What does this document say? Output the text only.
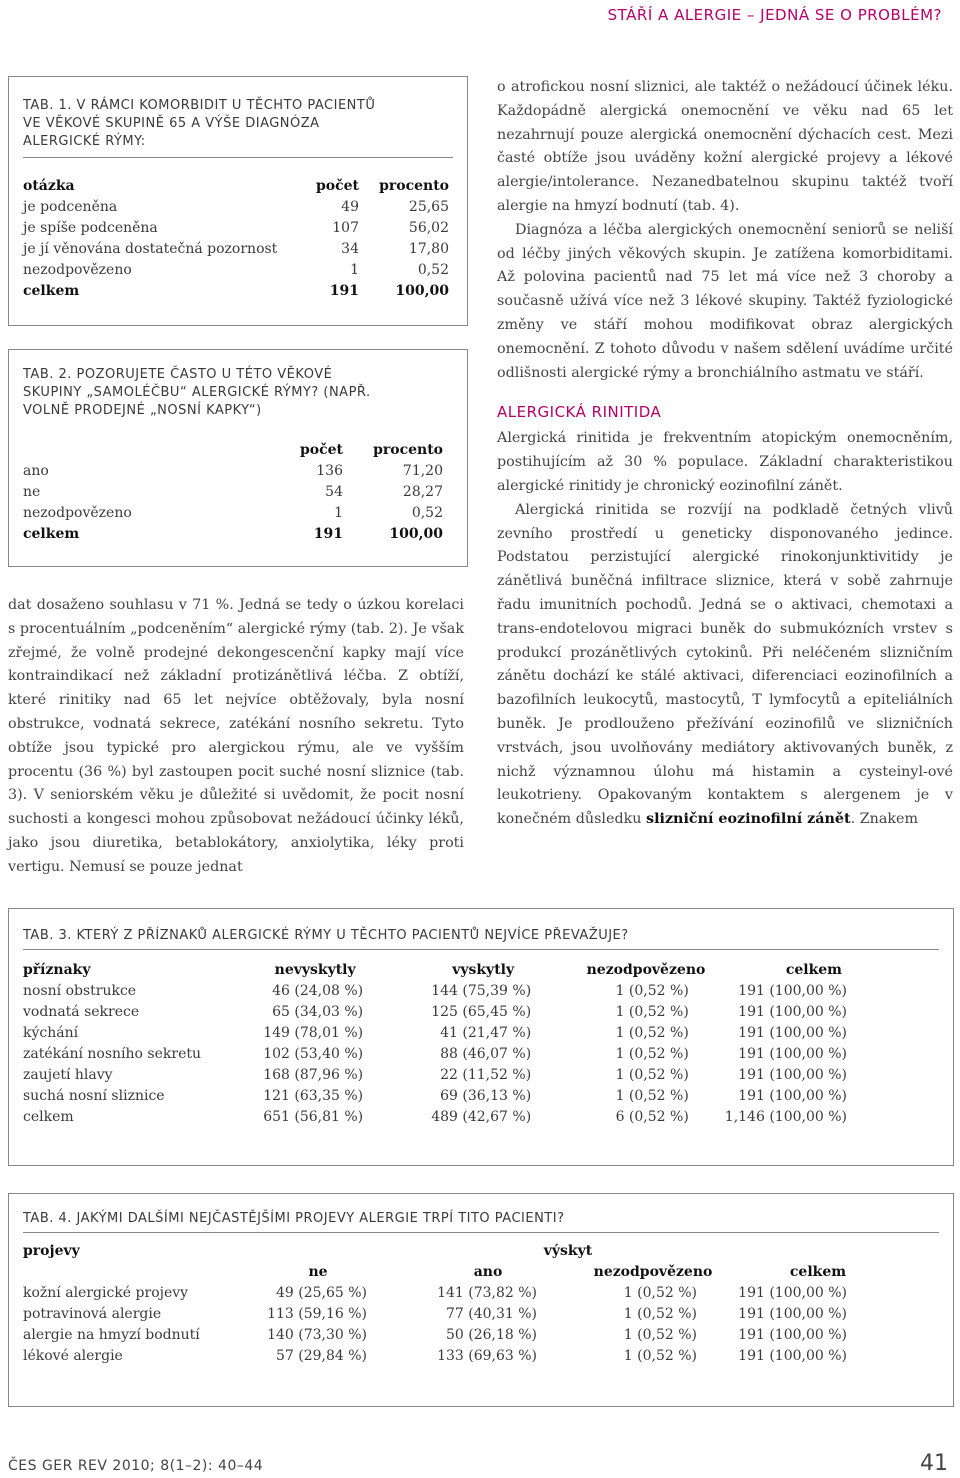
STÁŘÍ A ALERGIE – JEDNÁ SE O PROBLÉM?
TAB. 1. V RÁMCI KOMORBIDIT U TĚCHTO PACIENTŮ VE VĚKOVÉ SKUPINĚ 65 A VÝŠE DIAGNÓZA ALERGICKÉ RÝMY:
otázka	počet	procento
je podceněna	49	25,65
je spíše podceněna	107	56,02
je jí věnována dostatečná pozornost	34	17,80
nezodpovězeno	1	0,52
celkem	191	100,00
TAB. 2. POZORUJETE ČASTO U TÉTO VĚKOVÉ SKUPINY „SAMOLÉČBU“ ALERGICKÉ RÝMY? (NAPŘ. VOLNĚ PRODEJNÉ „NOSNÍ KAPKY“)
	počet	procento
ano	136	71,20
ne	54	28,27
nezodpovězeno	1	0,52
celkem	191	100,00

dat dosaženo souhlasu v 71 %. Jedná se tedy o úzkou korelaci s procentuálním „podceněním“ alergické rýmy (tab. 2). Je však zřejmé, že volně prodejné dekongescenční kapky mají více kontraindikací než základní protizánětlivá léčba. Z obtíží, které rinitiky nad 65 let nejvíce obtěžovaly, byla nosní obstrukce, vodnatá sekrece, zatékání nosního sekretu. Tyto obtíže jsou typické pro alergickou rýmu, ale ve vyšším procentu (36 %) byl zastoupen pocit suché nosní sliznice (tab. 3). V seniorském věku je důležité si uvědomit, že pocit nosní suchosti a kongesci mohou způsobovat nežádoucí účinky léků, jako jsou diuretika, betablokátory, anxiolytika, léky proti vertigu. Nemusí se pouze jednat

o atrofickou nosní sliznici, ale taktéž o nežádoucí účinek léku. Každopádně alergická onemocnění ve věku nad 65 let nezahrnují pouze alergická onemocnění dýchacích cest. Mezi časté obtíže jsou uváděny kožní alergické projevy a lékové alergie/intolerance. Nezanedbatelnou skupinu taktéž tvoří alergie na hmyzí bodnutí (tab. 4).

Diagnóza a léčba alergických onemocnění seniorů se neliší od léčby jiných věkových skupin. Je zatížena komorbiditami. Až polovina pacientů nad 75 let má více než 3 choroby a současně užívá více než 3 lékové skupiny. Taktéž fyziologické změny ve stáří mohou modifikovat obraz alergických onemocnění. Z tohoto důvodu v našem sdělení uvádíme určité odlišnosti alergické rýmy a bronchiálního astmatu ve stáří.

ALERGICKÁ RINITIDA

Alergická rinitida je frekventním atopickým onemocněním, postihujícím až 30 % populace. Základní charakteristikou alergické rinitidy je chronický eozinofilní zánět.

Alergická rinitida se rozvíjí na podkladě četných vlivů zevního prostředí u geneticky disponovaného jedince. Podstatou perzistující alergické rinokonjunktivitidy je zánětlivá buněčná infiltrace sliznice, která v sobě zahrnuje řadu imunitních pochodů. Jedná se o aktivaci, chemotaxi a trans-endotelovou migraci buněk do submukózních vrstev s produkcí prozánětlivých cytokinů. Při neléčeném slizničním zánětu dochází ke stálé aktivaci, diferenciaci eozinofilních a bazofilních leukocytů, mastocytů, T lymfocytů a epiteliálních buněk. Je prodlouženo přežívání eozinofilů ve slizničních vrstvách, jsou uvolňovány mediátory aktivovaných buněk, z nichž významnou úlohu má histamin a cysteinyl-ové leukotrieny. Opakovaným kontaktem s alergenem je v konečném důsledku slizniční eozinofilní zánět. Znakem

TAB. 3. KTERÝ Z PŘÍZNAKŮ ALERGICKÉ RÝMY U TĚCHTO PACIENTŮ NEJVÍCE PŘEVAŽUJE?
příznaky	nevyskytly	vyskytly	nezodpovězeno	celkem
nosní obstrukce	46 (24,08 %)	144 (75,39 %)	1 (0,52 %)	191 (100,00 %)
vodnatá sekrece	65 (34,03 %)	125 (65,45 %)	1 (0,52 %)	191 (100,00 %)
kýchání	149 (78,01 %)	41 (21,47 %)	1 (0,52 %)	191 (100,00 %)
zatékání nosního sekretu	102 (53,40 %)	88 (46,07 %)	1 (0,52 %)	191 (100,00 %)
zaujetí hlavy	168 (87,96 %)	22 (11,52 %)	1 (0,52 %)	191 (100,00 %)
suchá nosní sliznice	121 (63,35 %)	69 (36,13 %)	1 (0,52 %)	191 (100,00 %)
celkem	651 (56,81 %)	489 (42,67 %)	6 (0,52 %)	1,146 (100,00 %)
TAB. 4. JAKÝMI DALŠÍMI NEJČASTĚJŠÍMI PROJEVY ALERGIE TRPÍ TITO PACIENTI?
projevy		výskyt		
	ne	ano	nezodpovězeno	celkem
kožní alergické projevy	49 (25,65 %)	141 (73,82 %)	1 (0,52 %)	191 (100,00 %)
potravinová alergie	113 (59,16 %)	77 (40,31 %)	1 (0,52 %)	191 (100,00 %)
alergie na hmyzí bodnutí	140 (73,30 %)	50 (26,18 %)	1 (0,52 %)	191 (100,00 %)
lékové alergie	57 (29,84 %)	133 (69,63 %)	1 (0,52 %)	191 (100,00 %)
ČES GER REV 2010; 8(1–2): 40–44	41
